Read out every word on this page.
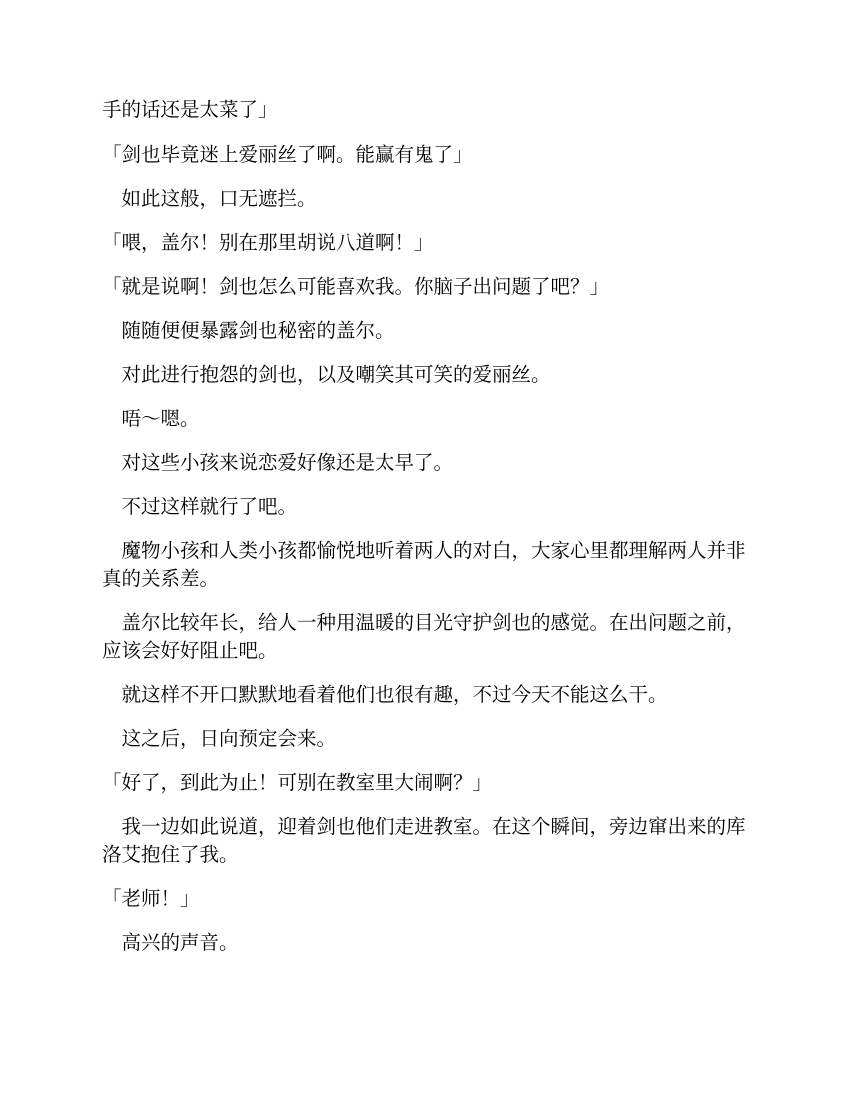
手的话还是太菜了」

「剑也毕竟迷上爱丽丝了啊。能赢有鬼了」

　如此这般，口无遮拦。

「喂，盖尔！别在那里胡说八道啊！」

「就是说啊！剑也怎么可能喜欢我。你脑子出问题了吧？」

　随随便便暴露剑也秘密的盖尔。

　对此进行抱怨的剑也，以及嘲笑其可笑的爱丽丝。

　唔～嗯。

　对这些小孩来说恋爱好像还是太早了。

　不过这样就行了吧。

　魔物小孩和人类小孩都愉悦地听着两人的对白，大家心里都理解两人并非真的关系差。

　盖尔比较年长，给人一种用温暖的目光守护剑也的感觉。在出问题之前，应该会好好阻止吧。

　就这样不开口默默地看着他们也很有趣，不过今天不能这么干。

　这之后，日向预定会来。

「好了，到此为止！可别在教室里大闹啊？」

　我一边如此说道，迎着剑也他们走进教室。在这个瞬间，旁边窜出来的库洛艾抱住了我。

「老师！」

　高兴的声音。
